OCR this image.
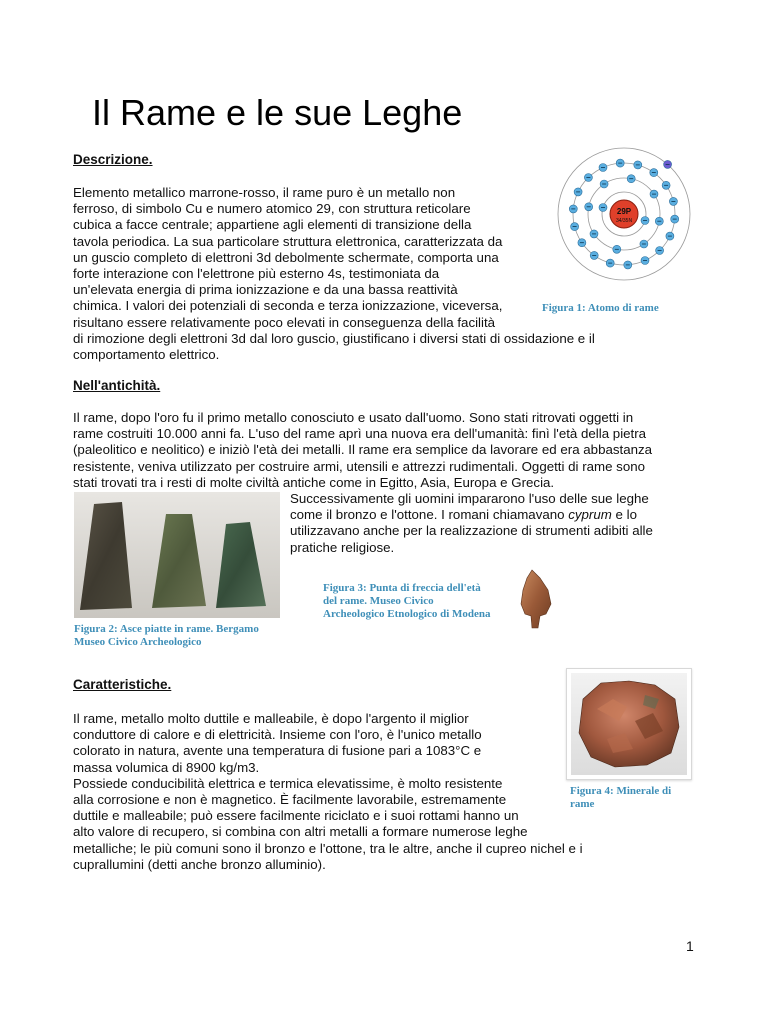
Il Rame e le sue Leghe
Descrizione.
Elemento metallico marrone-rosso, il rame puro è un metallo non
ferroso, di simbolo Cu e numero atomico 29, con struttura reticolare
cubica a facce centrale; appartiene agli elementi di transizione della
tavola periodica. La sua particolare struttura elettronica, caratterizzata da
un guscio completo di elettroni 3d debolmente schermate, comporta una
forte interazione con l'elettrone più esterno 4s, testimoniata da
un'elevata energia di prima ionizzazione e da una bassa reattività
chimica. I valori dei potenziali di seconda e terza ionizzazione, viceversa,
risultano essere relativamente poco elevati in conseguenza della facilità
di rimozione degli elettroni 3d dal loro guscio, giustificano i diversi stati di ossidazione e il
comportamento elettrico.
29P
34/35N
Figura 1: Atomo di rame
Nell'antichità.
Il rame, dopo l'oro fu il primo metallo conosciuto e usato dall'uomo. Sono stati ritrovati oggetti in
rame costruiti 10.000 anni fa. L'uso del rame aprì una nuova era dell'umanità: finì l'età della pietra
(paleolitico e neolitico) e iniziò l'età dei metalli. Il rame era semplice da lavorare ed era abbastanza
resistente, veniva utilizzato per costruire armi, utensili e attrezzi rudimentali. Oggetti di rame sono
stati trovati tra i resti di molte civiltà antiche come in Egitto, Asia, Europa e Grecia.
Figura 2: Asce piatte in rame. Bergamo
Museo Civico Archeologico
Successivamente gli uomini impararono l'uso delle sue leghe
come il bronzo e l'ottone. I romani chiamavano cyprum e lo
utilizzavano anche per la realizzazione di strumenti adibiti alle
pratiche religiose.
Figura 3: Punta di freccia dell'età
del rame. Museo Civico
Archeologico Etnologico di Modena
Caratteristiche.
Il rame, metallo molto duttile e malleabile, è dopo l'argento il miglior
conduttore di calore e di elettricità. Insieme con l'oro, è l'unico metallo
colorato in natura, avente una temperatura di fusione pari a 1083°C e
massa volumica di 8900 kg/m3.
Possiede conducibilità elettrica e termica elevatissime, è molto resistente
alla corrosione e non è magnetico. È facilmente lavorabile, estremamente
duttile e malleabile; può essere facilmente riciclato e i suoi rottami hanno un
alto valore di recupero, si combina con altri metalli a formare numerose leghe
metalliche; le più comuni sono il bronzo e l'ottone, tra le altre, anche il cupreo nichel e i
cuprallumini (detti anche bronzo alluminio).
Figura 4: Minerale di
rame
1
